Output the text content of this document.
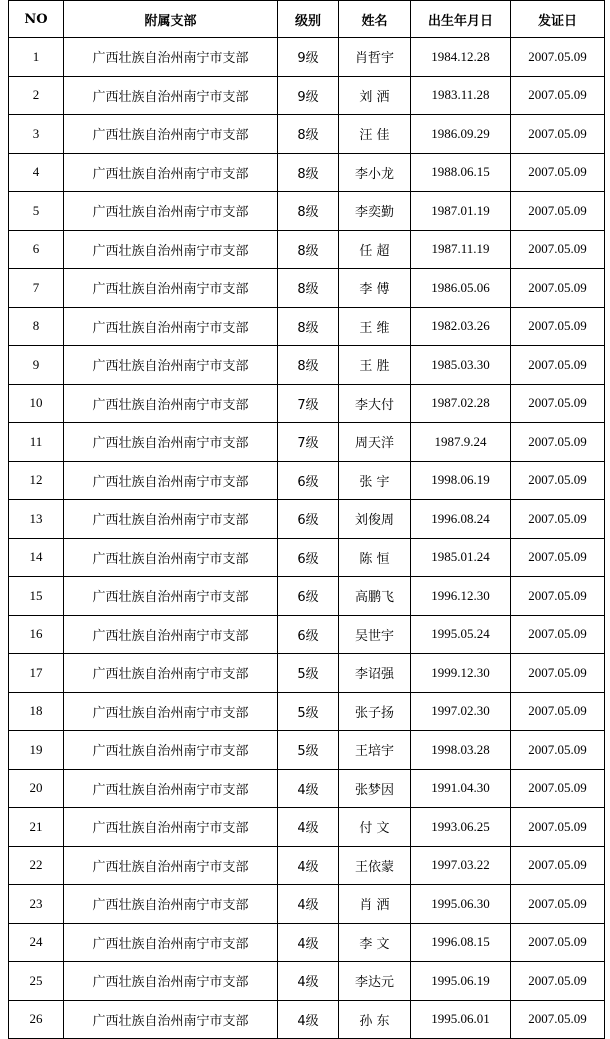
NO	附属支部	级别	姓名	出生年月日	发证日
1	广西壮族自治州南宁市支部	9级	肖哲宇	1984.12.28	2007.05.09
2	广西壮族自治州南宁市支部	9级	刘 洒	1983.11.28	2007.05.09
3	广西壮族自治州南宁市支部	8级	汪 佳	1986.09.29	2007.05.09
4	广西壮族自治州南宁市支部	8级	李小龙	1988.06.15	2007.05.09
5	广西壮族自治州南宁市支部	8级	李奕勤	1987.01.19	2007.05.09
6	广西壮族自治州南宁市支部	8级	任 超	1987.11.19	2007.05.09
7	广西壮族自治州南宁市支部	8级	李 傅	1986.05.06	2007.05.09
8	广西壮族自治州南宁市支部	8级	王 维	1982.03.26	2007.05.09
9	广西壮族自治州南宁市支部	8级	王 胜	1985.03.30	2007.05.09
10	广西壮族自治州南宁市支部	7级	李大付	1987.02.28	2007.05.09
11	广西壮族自治州南宁市支部	7级	周天洋	1987.9.24	2007.05.09
12	广西壮族自治州南宁市支部	6级	张 宇	1998.06.19	2007.05.09
13	广西壮族自治州南宁市支部	6级	刘俊周	1996.08.24	2007.05.09
14	广西壮族自治州南宁市支部	6级	陈 恒	1985.01.24	2007.05.09
15	广西壮族自治州南宁市支部	6级	高鹏飞	1996.12.30	2007.05.09
16	广西壮族自治州南宁市支部	6级	吴世宇	1995.05.24	2007.05.09
17	广西壮族自治州南宁市支部	5级	李诏强	1999.12.30	2007.05.09
18	广西壮族自治州南宁市支部	5级	张子扬	1997.02.30	2007.05.09
19	广西壮族自治州南宁市支部	5级	王培宇	1998.03.28	2007.05.09
20	广西壮族自治州南宁市支部	4级	张梦因	1991.04.30	2007.05.09
21	广西壮族自治州南宁市支部	4级	付 文	1993.06.25	2007.05.09
22	广西壮族自治州南宁市支部	4级	王依蒙	1997.03.22	2007.05.09
23	广西壮族自治州南宁市支部	4级	肖 洒	1995.06.30	2007.05.09
24	广西壮族自治州南宁市支部	4级	李 文	1996.08.15	2007.05.09
25	广西壮族自治州南宁市支部	4级	李达元	1995.06.19	2007.05.09
26	广西壮族自治州南宁市支部	4级	孙 东	1995.06.01	2007.05.09
